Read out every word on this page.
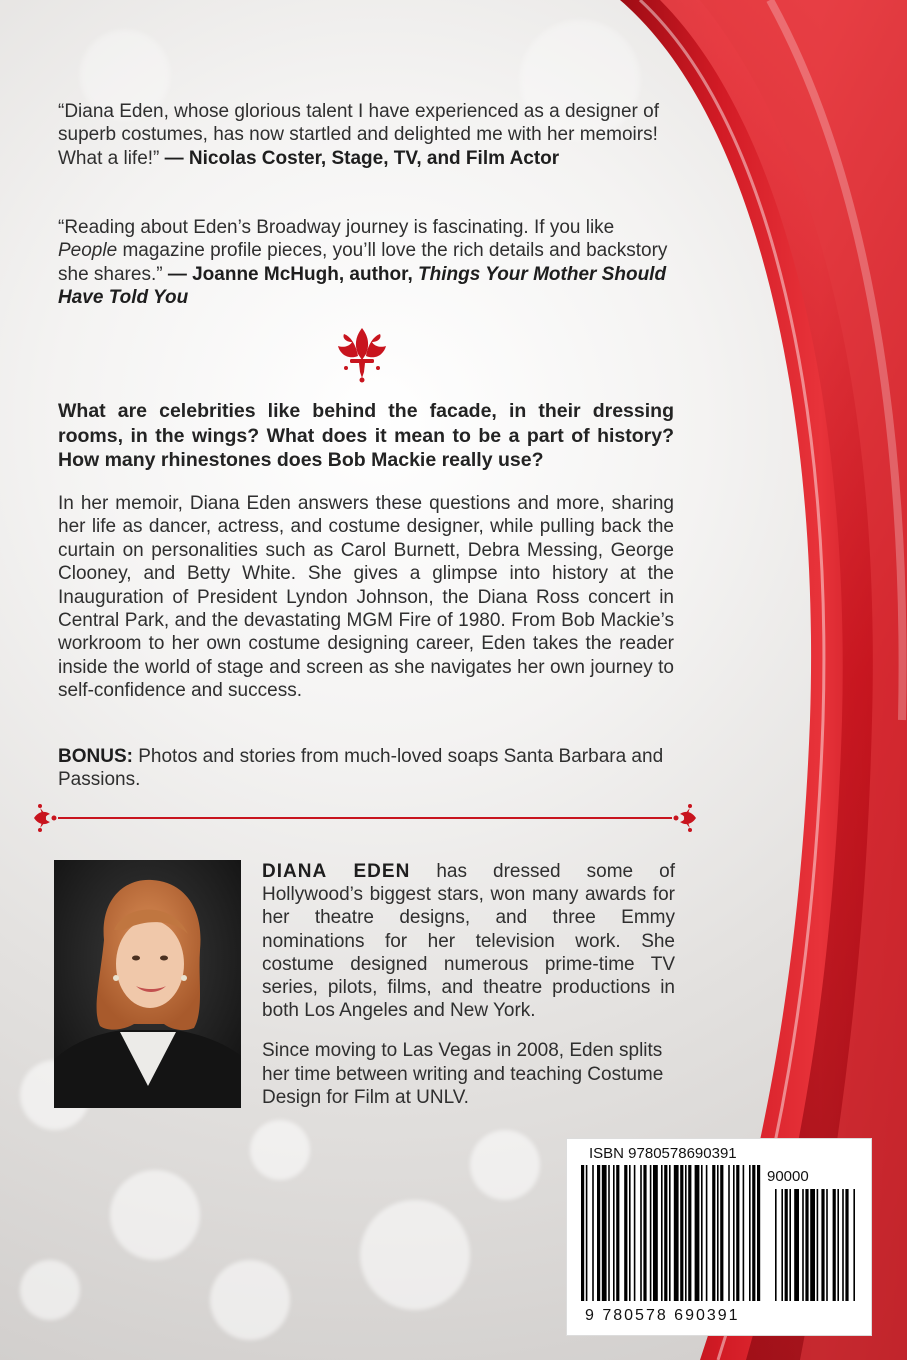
“Diana Eden, whose glorious talent I have experienced as a designer of superb costumes, has now startled and delighted me with her memoirs! What a life!” — Nicolas Coster, Stage, TV, and Film Actor

“Reading about Eden’s Broadway journey is fascinating. If you like People magazine profile pieces, you’ll love the rich details and backstory she shares.” — Joanne McHugh, author, Things Your Mother Should Have Told You

What are celebrities like behind the facade, in their dressing rooms, in the wings? What does it mean to be a part of history? How many rhinestones does Bob Mackie really use?
In her memoir, Diana Eden answers these questions and more, sharing her life as dancer, actress, and costume designer, while pulling back the curtain on personalities such as Carol Burnett, Debra Messing, George Clooney, and Betty White. She gives a glimpse into history at the Inauguration of President Lyndon Johnson, the Diana Ross concert in Central Park, and the devastating MGM Fire of 1980. From Bob Mackie’s workroom to her own costume designing career, Eden takes the reader inside the world of stage and screen as she navigates her own journey to self-confidence and success.

BONUS: Photos and stories from much-loved soaps Santa Barbara and Passions.

DIANA EDEN has dressed some of Hollywood’s biggest stars, won many awards for her theatre designs, and three Emmy nominations for her television work. She costume designed numerous prime-time TV series, pilots, films, and theatre productions in both Los Angeles and New York.

Since moving to Las Vegas in 2008, Eden splits her time between writing and teaching Costume Design for Film at UNLV.

ISBN 9780578690391
90000
9 780578 690391
